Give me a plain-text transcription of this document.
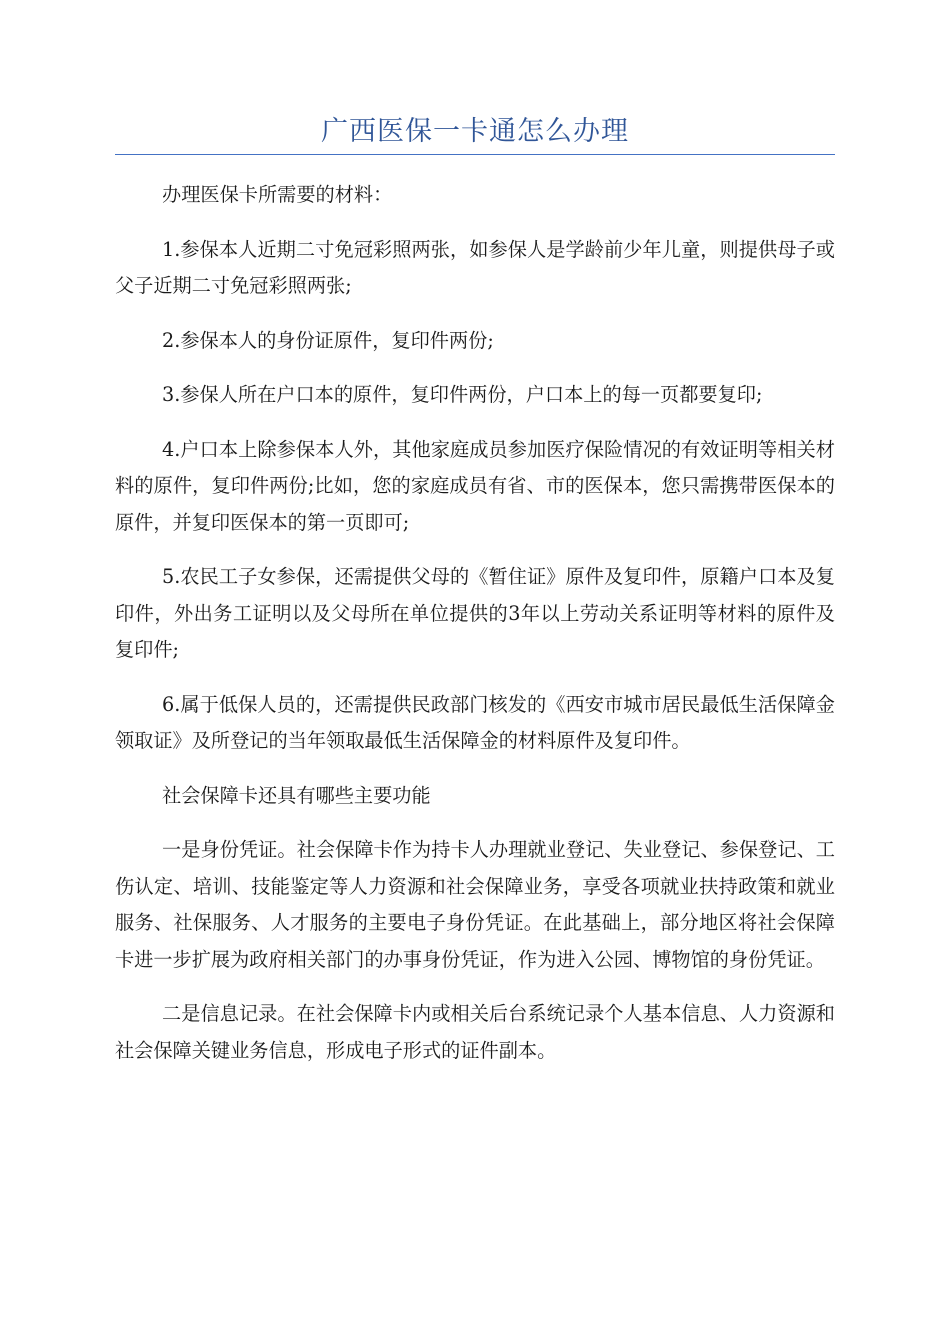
广西医保一卡通怎么办理

办理医保卡所需要的材料：

1.参保本人近期二寸免冠彩照两张，如参保人是学龄前少年儿童，则提供母子或父子近期二寸免冠彩照两张;

2.参保本人的身份证原件，复印件两份;

3.参保人所在户口本的原件，复印件两份，户口本上的每一页都要复印;

4.户口本上除参保本人外，其他家庭成员参加医疗保险情况的有效证明等相关材料的原件，复印件两份;比如，您的家庭成员有省、市的医保本，您只需携带医保本的原件，并复印医保本的第一页即可;

5.农民工子女参保，还需提供父母的《暂住证》原件及复印件，原籍户口本及复印件，外出务工证明以及父母所在单位提供的3年以上劳动关系证明等材料的原件及复印件;

6.属于低保人员的，还需提供民政部门核发的《西安市城市居民最低生活保障金领取证》及所登记的当年领取最低生活保障金的材料原件及复印件。

社会保障卡还具有哪些主要功能

一是身份凭证。社会保障卡作为持卡人办理就业登记、失业登记、参保登记、工伤认定、培训、技能鉴定等人力资源和社会保障业务，享受各项就业扶持政策和就业服务、社保服务、人才服务的主要电子身份凭证。在此基础上，部分地区将社会保障卡进一步扩展为政府相关部门的办事身份凭证，作为进入公园、博物馆的身份凭证。

二是信息记录。在社会保障卡内或相关后台系统记录个人基本信息、人力资源和社会保障关键业务信息，形成电子形式的证件副本。
